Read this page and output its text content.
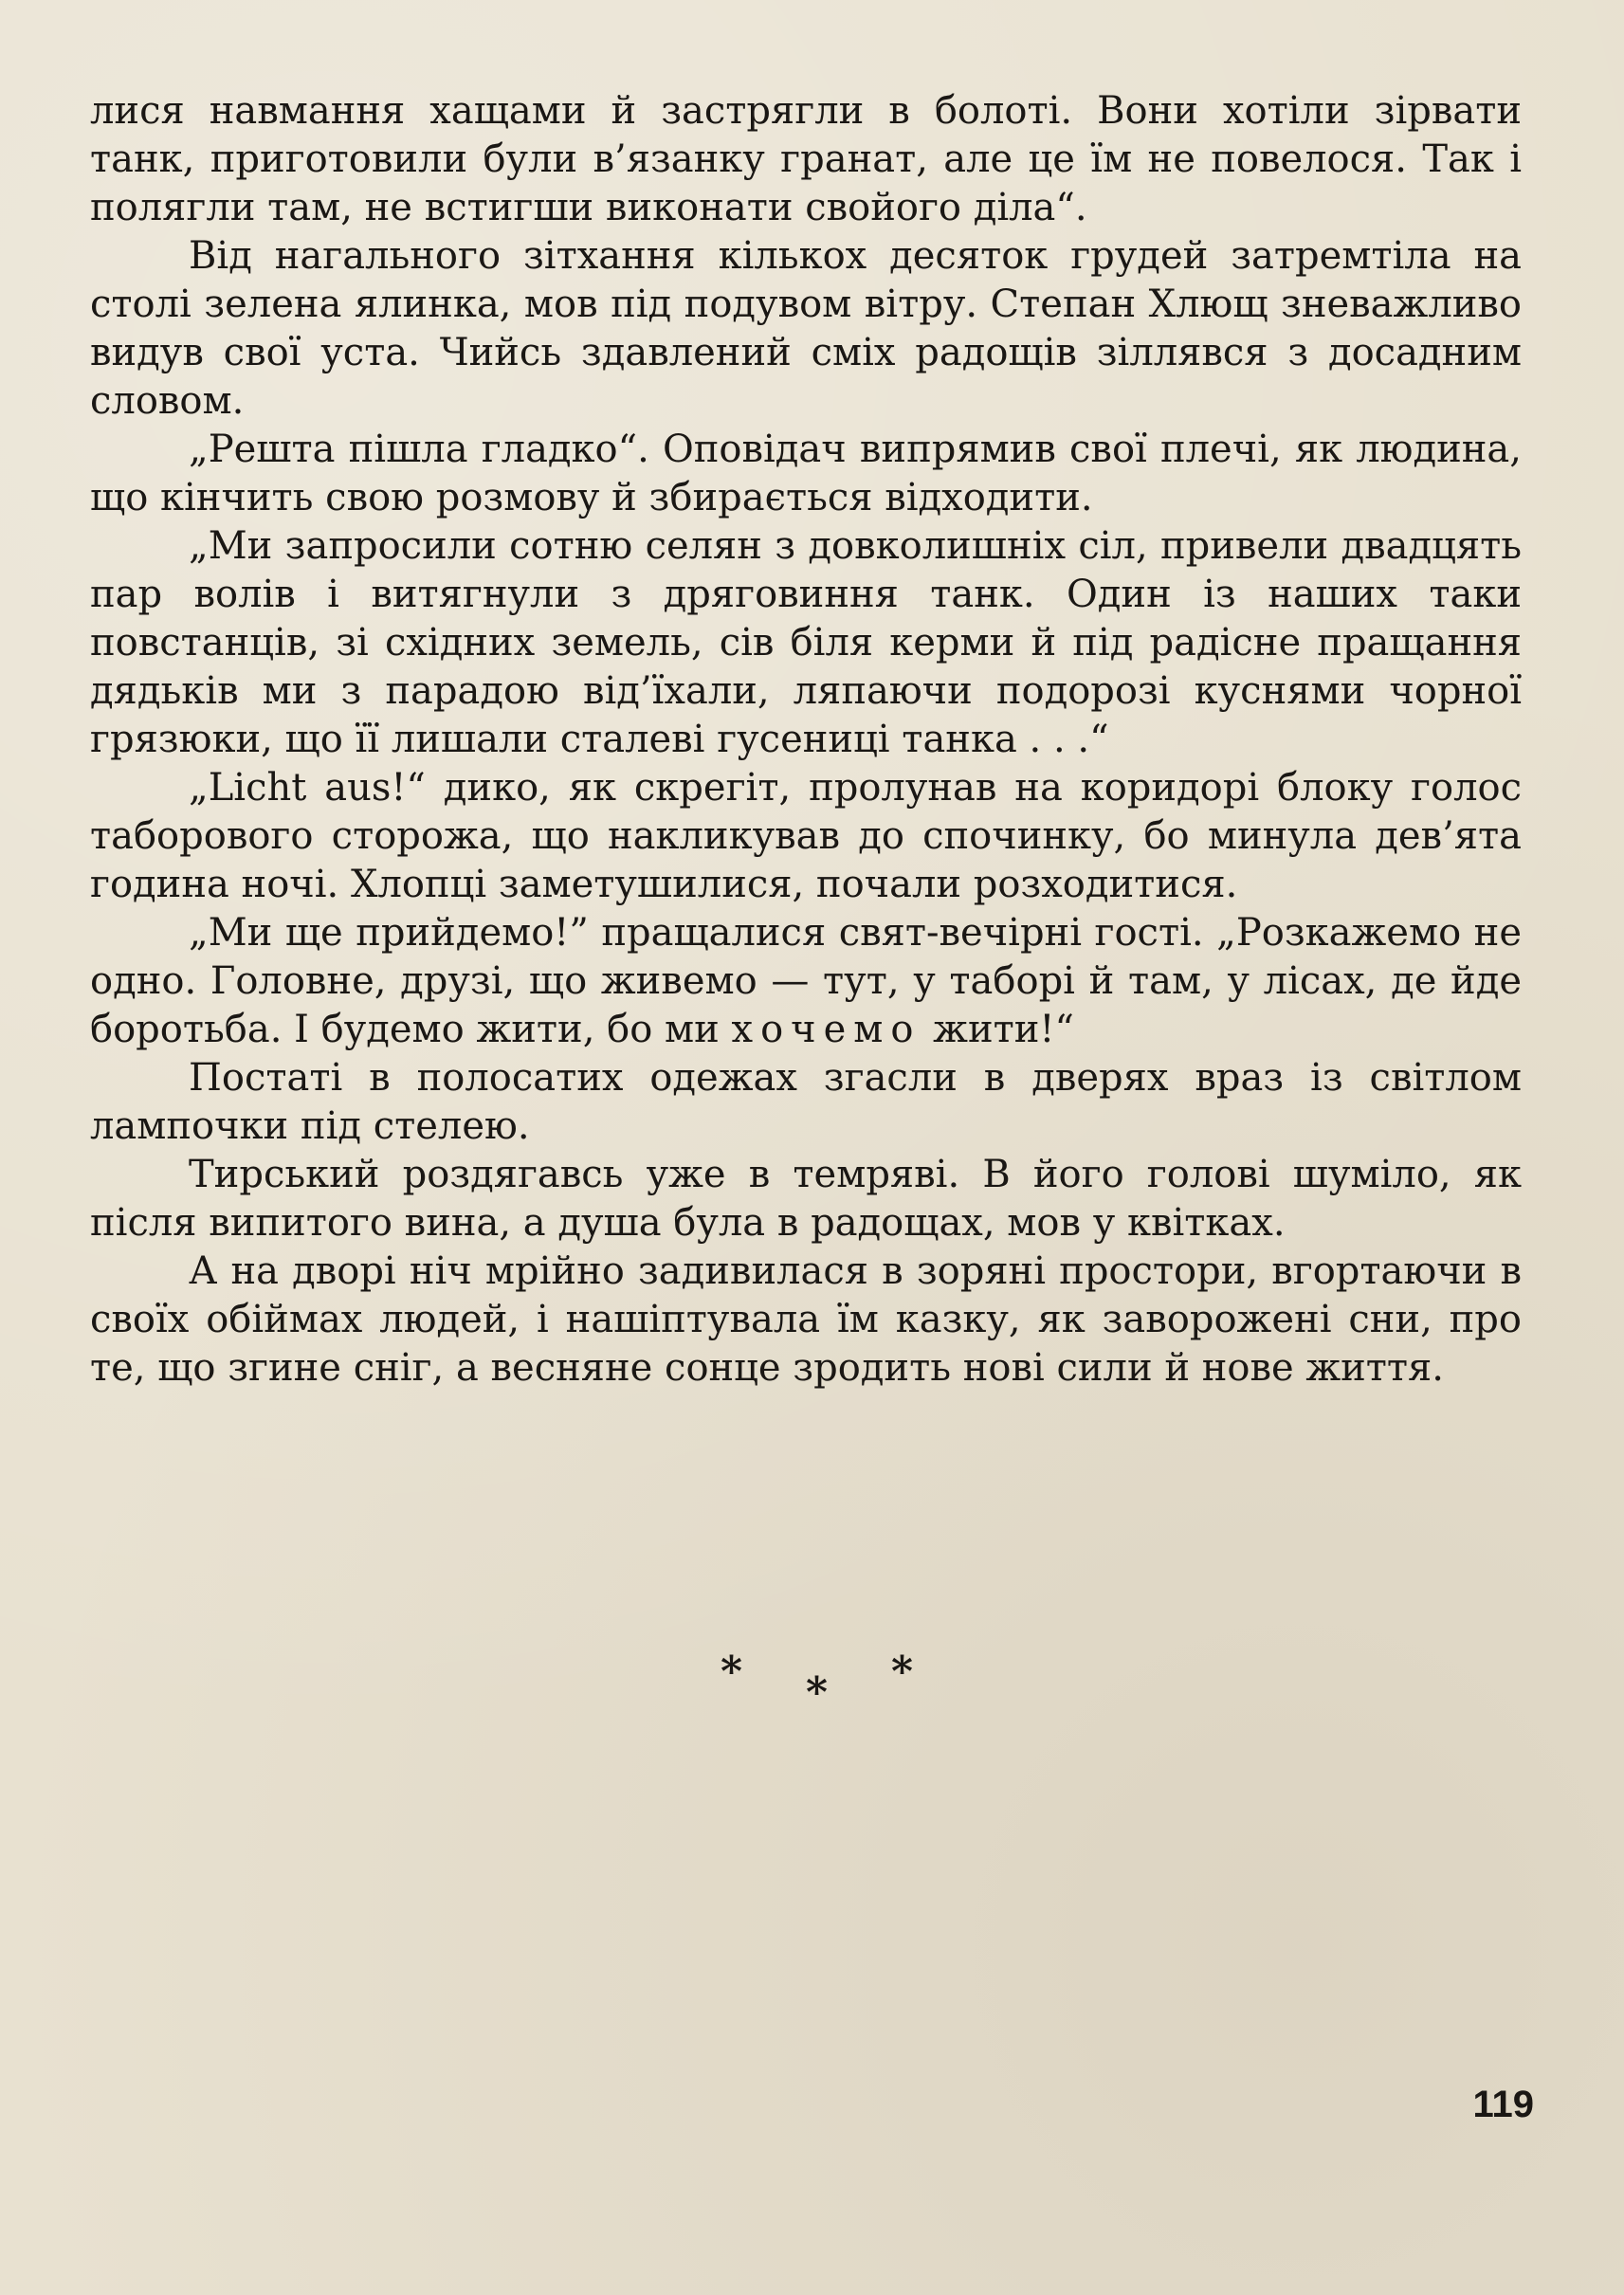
лися навмання хащами й застрягли в болоті. Вони хотіли зірвати танк, приготовили були в’язанку гранат, але це їм не повелося. Так і полягли там, не встигши виконати свойого діла“.

Від нагального зітхання кількох десяток грудей затремтіла на столі зелена ялинка, мов під подувом вітру. Степан Хлющ зневажливо видув свої уста. Чийсь здавлений сміх радощів зіллявся з досадним словом.

„Решта пішла гладко“. Оповідач випрямив свої плечі, як людина, що кінчить свою розмову й збирається відходити.

„Ми запросили сотню селян з довколишніх сіл, привели двадцять пар волів і витягнули з дряговиння танк. Один із наших таки повстанців, зі східних земель, сів біля керми й під радісне пращання дядьків ми з парадою від’їхали, ляпаючи подорозі куснями чорної грязюки, що її лишали сталеві гусениці танка . . .“

„Licht aus!“ дико, як скрегіт, пролунав на коридорі блоку голос таборового сторожа, що накликував до спочинку, бо минула дев’ята година ночі. Хлопці заметушилися, почали розходитися.

„Ми ще прийдемо!” пращалися свят-вечірні гості. „Розкажемо не одно. Головне, друзі, що живемо — тут, у таборі й там, у лісах, де йде боротьба. І будемо жити, бо ми хочемо жити!“

Постаті в полосатих одежах згасли в дверях враз із світлом лампочки під стелею.

Тирський роздягавсь уже в темряві. В його голові шуміло, як після випитого вина, а душа була в радощах, мов у квітках.

А на дворі ніч мрійно задивилася в зоряні простори, вгортаючи в своїх обіймах людей, і нашіптувала їм казку, як заворожені сни, про те, що згине сніг, а весняне сонце зродить нові сили й нове життя.

* * *
119
